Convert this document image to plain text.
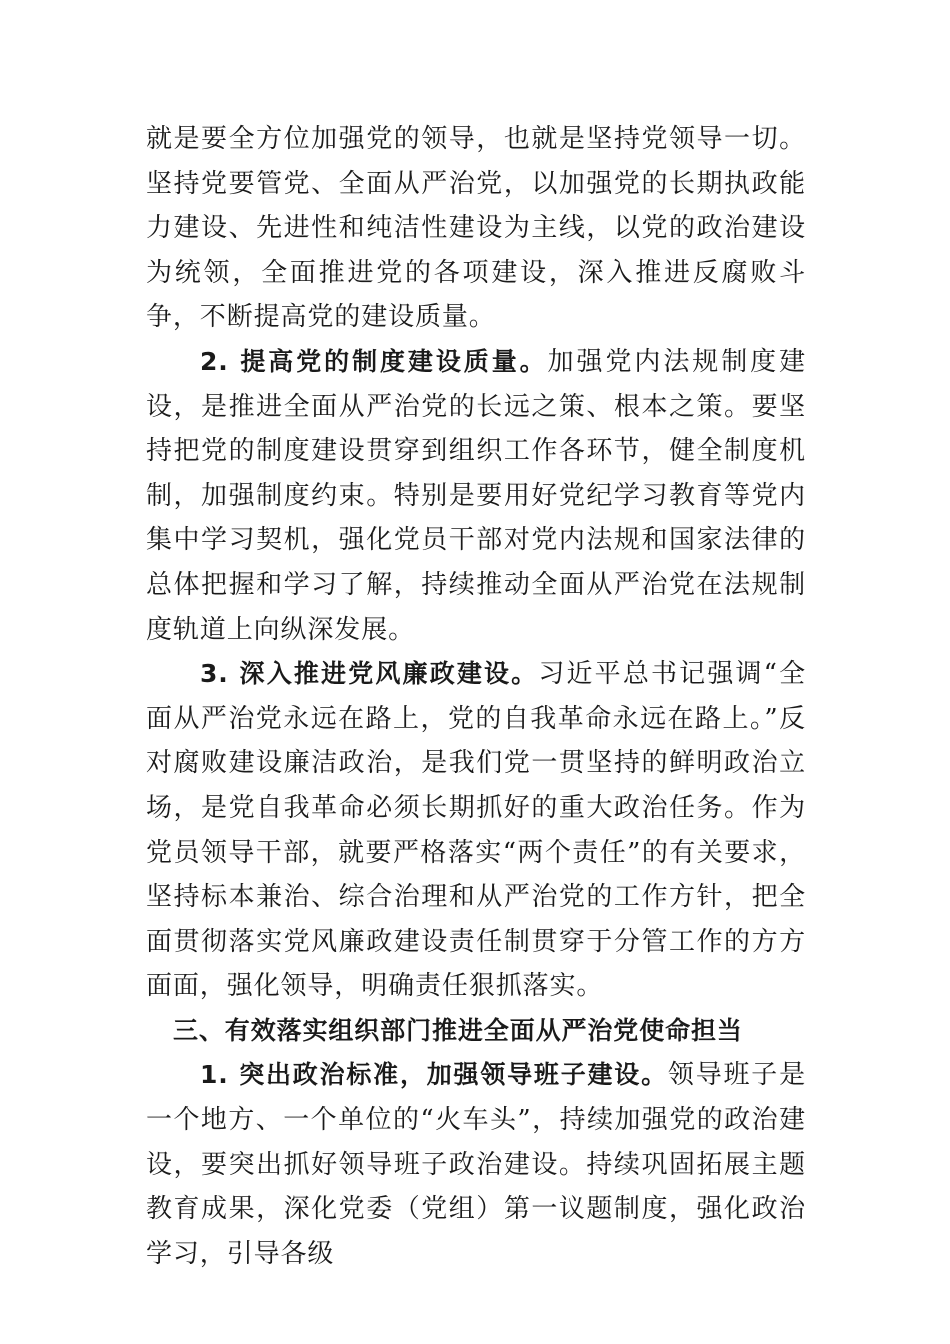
就是要全方位加强党的领导，也就是坚持党领导一切。坚持党要管党、全面从严治党，以加强党的长期执政能力建设、先进性和纯洁性建设为主线，以党的政治建设为统领，全面推进党的各项建设，深入推进反腐败斗争，不断提高党的建设质量。

2. 提高党的制度建设质量。加强党内法规制度建设，是推进全面从严治党的长远之策、根本之策。要坚持把党的制度建设贯穿到组织工作各环节，健全制度机制，加强制度约束。特别是要用好党纪学习教育等党内集中学习契机，强化党员干部对党内法规和国家法律的总体把握和学习了解，持续推动全面从严治党在法规制度轨道上向纵深发展。

3. 深入推进党风廉政建设。习近平总书记强调“全面从严治党永远在路上，党的自我革命永远在路上。”反对腐败建设廉洁政治，是我们党一贯坚持的鲜明政治立场，是党自我革命必须长期抓好的重大政治任务。作为党员领导干部，就要严格落实“两个责任”的有关要求，坚持标本兼治、综合治理和从严治党的工作方针，把全面贯彻落实党风廉政建设责任制贯穿于分管工作的方方面面，强化领导，明确责任狠抓落实。

三、有效落实组织部门推进全面从严治党使命担当

1. 突出政治标准，加强领导班子建设。领导班子是一个地方、一个单位的“火车头”，持续加强党的政治建设，要突出抓好领导班子政治建设。持续巩固拓展主题教育成果，深化党委（党组）第一议题制度，强化政治学习，引导各级
